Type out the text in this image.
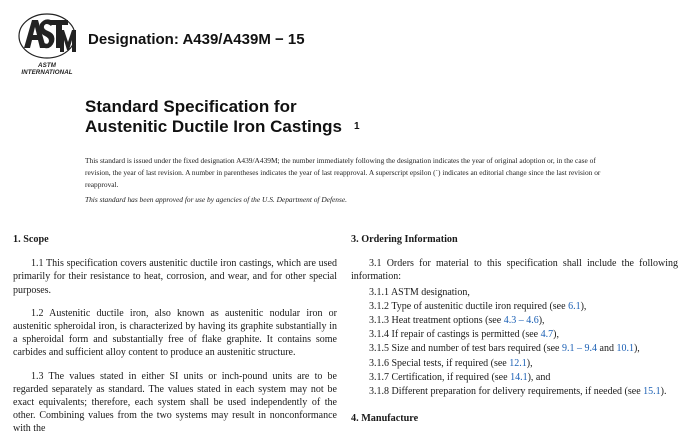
ASTM INTERNATIONAL
Designation: A439/A439M − 15
Standard Specification for
Austenitic Ductile Iron Castings $^1$
This standard is issued under the fixed designation A439/A439M; the number immediately following the designation indicates the year of original adoption or, in the case of revision, the year of last revision. A number in parentheses indicates the year of last reapproval. A superscript epsilon (´) indicates an editorial change since the last revision or reapproval.
This standard has been approved for use by agencies of the U.S. Department of Defense.
1. Scope

1.1 This specification covers austenitic ductile iron castings, which are used primarily for their resistance to heat, corrosion, and wear, and for other special purposes.

1.2 Austenitic ductile iron, also known as austenitic nodular iron or austenitic spheroidal iron, is characterized by having its graphite substantially in a spheroidal form and substantially free of flake graphite. It contains some carbides and sufficient alloy content to produce an austenitic structure.

1.3 The values stated in either SI units or inch-pound units are to be regarded separately as standard. The values stated in each system may not be exact equivalents; therefore, each system shall be used independently of the other. Combining values from the two systems may result in nonconformance with the

3. Ordering Information

3.1 Orders for material to this specification shall include the following information:

3.1.1 ASTM designation,
3.1.2 Type of austenitic ductile iron required (see 6.1),
3.1.3 Heat treatment options (see 4.3 – 4.6),
3.1.4 If repair of castings is permitted (see 4.7),
3.1.5 Size and number of test bars required (see 9.1 – 9.4 and 10.1),
3.1.6 Special tests, if required (see 12.1),
3.1.7 Certification, if required (see 14.1), and
3.1.8 Different preparation for delivery requirements, if needed (see 15.1).
4. Manufacture
